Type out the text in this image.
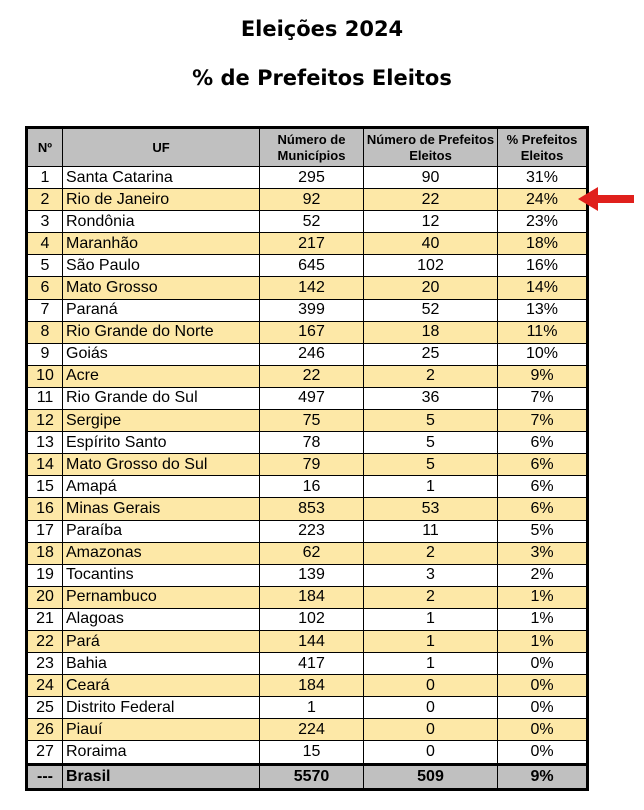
Eleições 2024
% de Prefeitos Eleitos
Nº	UF	Número de Municípios	Número de Prefeitos Eleitos	% Prefeitos Eleitos
1	Santa Catarina	295	90	31%
2	Rio de Janeiro	92	22	24%
3	Rondônia	52	12	23%
4	Maranhão	217	40	18%
5	São Paulo	645	102	16%
6	Mato Grosso	142	20	14%
7	Paraná	399	52	13%
8	Rio Grande do Norte	167	18	11%
9	Goiás	246	25	10%
10	Acre	22	2	9%
11	Rio Grande do Sul	497	36	7%
12	Sergipe	75	5	7%
13	Espírito Santo	78	5	6%
14	Mato Grosso do Sul	79	5	6%
15	Amapá	16	1	6%
16	Minas Gerais	853	53	6%
17	Paraíba	223	11	5%
18	Amazonas	62	2	3%
19	Tocantins	139	3	2%
20	Pernambuco	184	2	1%
21	Alagoas	102	1	1%
22	Pará	144	1	1%
23	Bahia	417	1	0%
24	Ceará	184	0	0%
25	Distrito Federal	1	0	0%
26	Piauí	224	0	0%
27	Roraima	15	0	0%
---	Brasil	5570	509	9%
